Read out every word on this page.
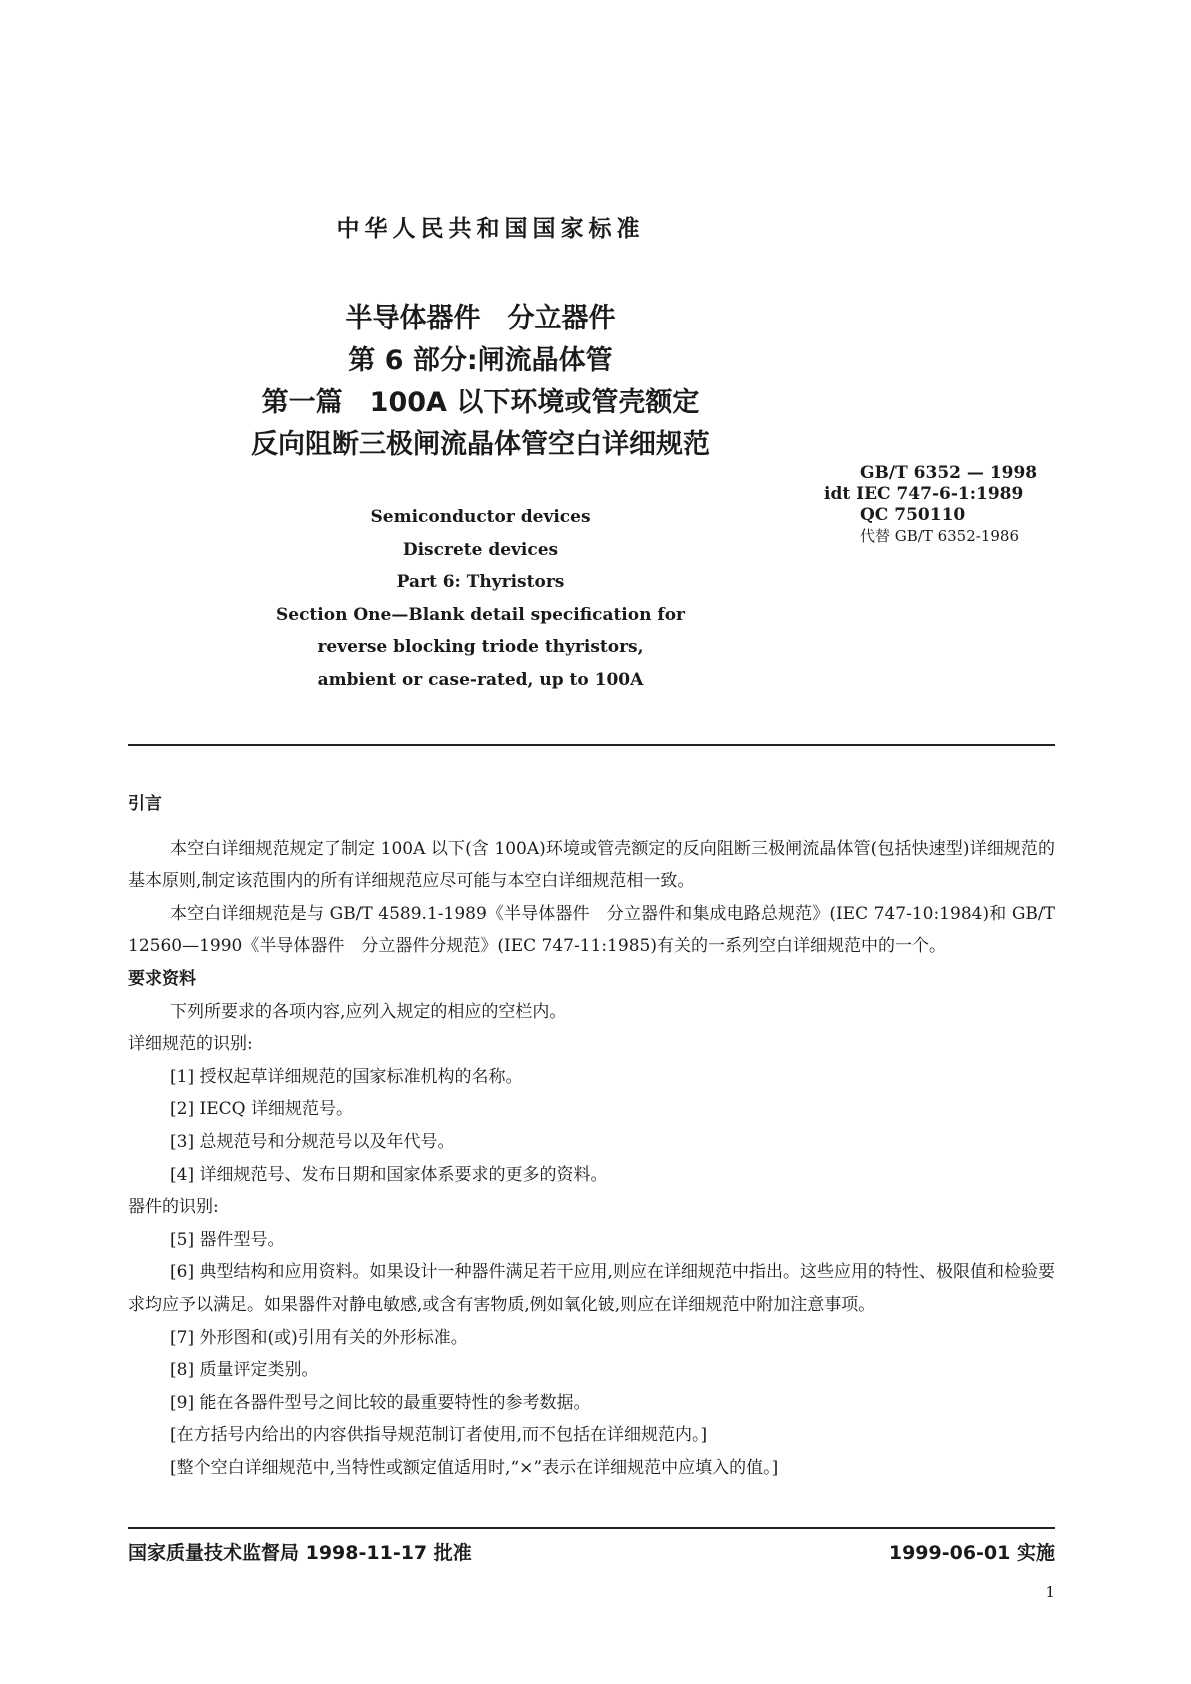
中华人民共和国国家标准
半导体器件　分立器件
第 6 部分:闸流晶体管
第一篇　100A 以下环境或管壳额定
反向阻断三极闸流晶体管空白详细规范
GB/T 6352 — 1998
idt IEC 747-6-1:1989
QC 750110
代替 GB/T 6352-1986
Semiconductor devices
Discrete devices
Part 6: Thyristors
Section One—Blank detail specification for
reverse blocking triode thyristors,
ambient or case-rated, up to 100A

引言

本空白详细规范规定了制定 100A 以下(含 100A)环境或管壳额定的反向阻断三极闸流晶体管(包括快速型)详细规范的基本原则,制定该范围内的所有详细规范应尽可能与本空白详细规范相一致。

本空白详细规范是与 GB/T 4589.1-1989《半导体器件　分立器件和集成电路总规范》(IEC 747-10:1984)和 GB/T 12560—1990《半导体器件　分立器件分规范》(IEC 747-11:1985)有关的一系列空白详细规范中的一个。

要求资料

下列所要求的各项内容,应列入规定的相应的空栏内。

详细规范的识别:

[1] 授权起草详细规范的国家标准机构的名称。

[2] IECQ 详细规范号。

[3] 总规范号和分规范号以及年代号。

[4] 详细规范号、发布日期和国家体系要求的更多的资料。

器件的识别:

[5] 器件型号。

[6] 典型结构和应用资料。如果设计一种器件满足若干应用,则应在详细规范中指出。这些应用的特性、极限值和检验要求均应予以满足。如果器件对静电敏感,或含有害物质,例如氧化铍,则应在详细规范中附加注意事项。

[7] 外形图和(或)引用有关的外形标准。

[8] 质量评定类别。

[9] 能在各器件型号之间比较的最重要特性的参考数据。

[在方括号内给出的内容供指导规范制订者使用,而不包括在详细规范内。]

[整个空白详细规范中,当特性或额定值适用时,“×”表示在详细规范中应填入的值。]

国家质量技术监督局 1998-11-17 批准	1999-06-01 实施
1
